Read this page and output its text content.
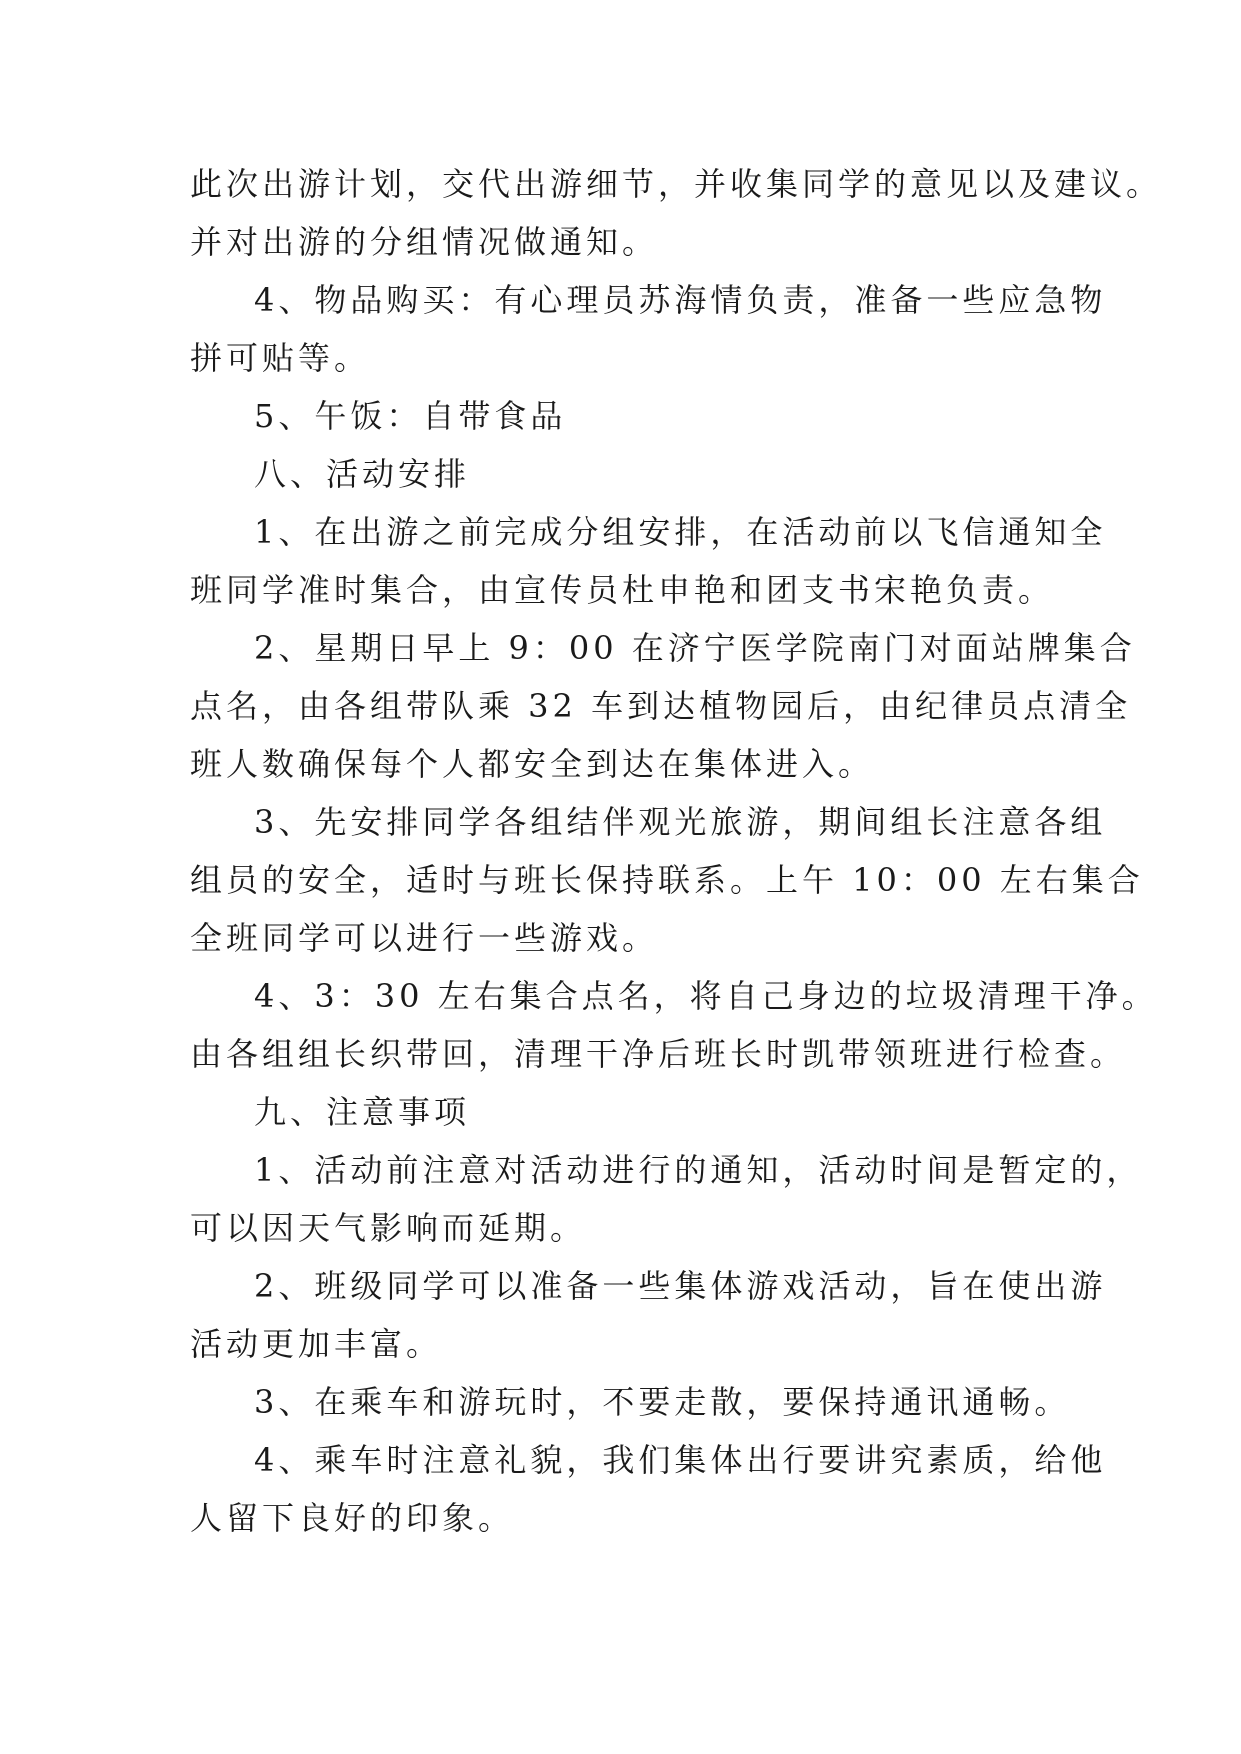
此次出游计划，交代出游细节，并收集同学的意见以及建议。

并对出游的分组情况做通知。

4、物品购买：有心理员苏海情负责，准备一些应急物

拼可贴等。

5、午饭：自带食品

八、活动安排

1、在出游之前完成分组安排，在活动前以飞信通知全

班同学准时集合，由宣传员杜申艳和团支书宋艳负责。

2、星期日早上 9：00 在济宁医学院南门对面站牌集合

点名，由各组带队乘 32 车到达植物园后，由纪律员点清全

班人数确保每个人都安全到达在集体进入。

3、先安排同学各组结伴观光旅游，期间组长注意各组

组员的安全，适时与班长保持联系。上午 10：00 左右集合

全班同学可以进行一些游戏。

4、3：30 左右集合点名，将自己身边的垃圾清理干净。

由各组组长织带回，清理干净后班长时凯带领班进行检查。

九、注意事项

1、活动前注意对活动进行的通知，活动时间是暂定的，

可以因天气影响而延期。

2、班级同学可以准备一些集体游戏活动，旨在使出游

活动更加丰富。

3、在乘车和游玩时，不要走散，要保持通讯通畅。

4、乘车时注意礼貌，我们集体出行要讲究素质，给他

人留下良好的印象。
